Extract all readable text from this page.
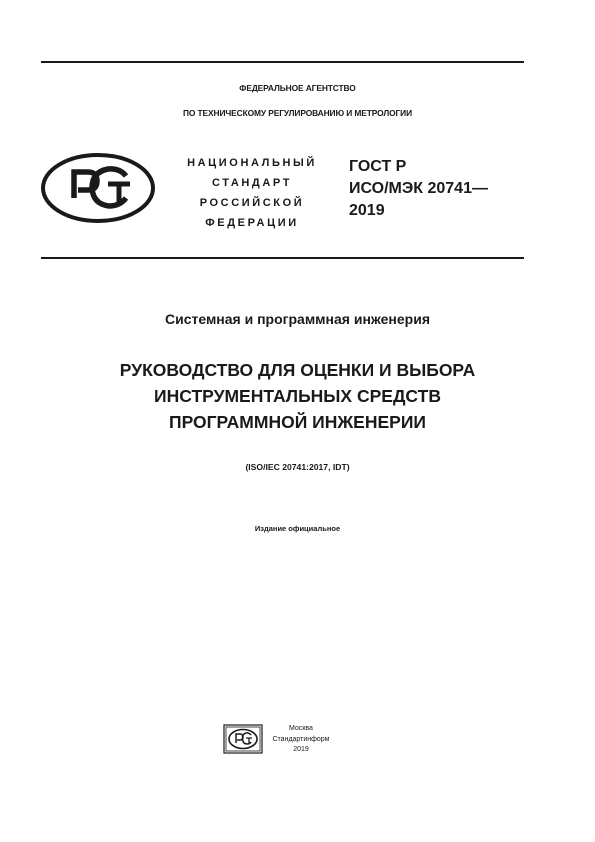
ФЕДЕРАЛЬНОЕ АГЕНТСТВО
ПО ТЕХНИЧЕСКОМУ РЕГУЛИРОВАНИЮ И МЕТРОЛОГИИ
НАЦИОНАЛЬНЫЙ
СТАНДАРТ
РОССИЙСКОЙ
ФЕДЕРАЦИИ
ГОСТ Р
ИСО/МЭК 20741—
2019
Системная и программная инженерия
РУКОВОДСТВО ДЛЯ ОЦЕНКИ И ВЫБОРА
ИНСТРУМЕНТАЛЬНЫХ СРЕДСТВ
ПРОГРАММНОЙ ИНЖЕНЕРИИ
(ISO/IEC 20741:2017, IDT)
Издание официальное
Москва
Стандартинформ
2019
